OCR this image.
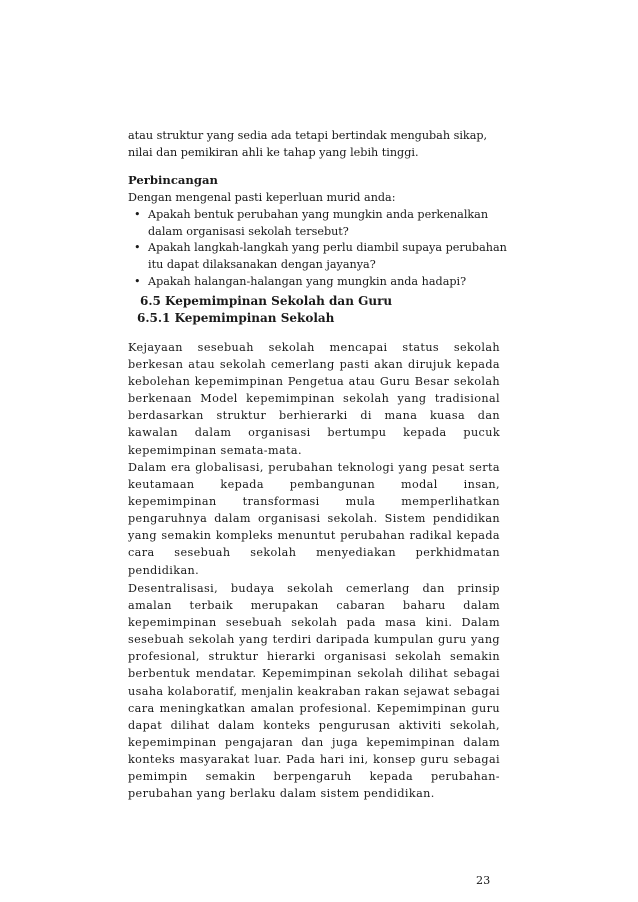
atau struktur yang sedia ada tetapi bertindak mengubah sikap,
nilai dan pemikiran ahli ke tahap yang lebih tinggi.
Perbincangan
Dengan mengenal pasti keperluan murid anda:
• Apakah bentuk perubahan yang mungkin anda perkenalkan
dalam organisasi sekolah tersebut?
• Apakah langkah-langkah yang perlu diambil supaya perubahan
itu dapat dilaksanakan dengan jayanya?
• Apakah halangan-halangan yang mungkin anda hadapi?
6.5 Kepemimpinan Sekolah dan Guru
6.5.1 Kepemimpinan Sekolah
Kejayaan sesebuah sekolah mencapai status sekolah
berkesan atau sekolah cemerlang pasti akan dirujuk kepada
kebolehan kepemimpinan Pengetua atau Guru Besar sekolah
berkenaan Model kepemimpinan sekolah yang tradisional
berdasarkan struktur berhierarki di mana kuasa dan
kawalan dalam organisasi bertumpu kepada pucuk
kepemimpinan semata-mata.
Dalam era globalisasi, perubahan teknologi yang pesat serta
keutamaan kepada pembangunan modal insan,
kepemimpinan transformasi mula memperlihatkan
pengaruhnya dalam organisasi sekolah. Sistem pendidikan
yang semakin kompleks menuntut perubahan radikal kepada
cara sesebuah sekolah menyediakan perkhidmatan
pendidikan.
Desentralisasi, budaya sekolah cemerlang dan prinsip
amalan terbaik merupakan cabaran baharu dalam
kepemimpinan sesebuah sekolah pada masa kini. Dalam
sesebuah sekolah yang terdiri daripada kumpulan guru yang
profesional, struktur hierarki organisasi sekolah semakin
berbentuk mendatar. Kepemimpinan sekolah dilihat sebagai
usaha kolaboratif, menjalin keakraban rakan sejawat sebagai
cara meningkatkan amalan profesional. Kepemimpinan guru
dapat dilihat dalam konteks pengurusan aktiviti sekolah,
kepemimpinan pengajaran dan juga kepemimpinan dalam
konteks masyarakat luar. Pada hari ini, konsep guru sebagai
pemimpin semakin berpengaruh kepada perubahan-
perubahan yang berlaku dalam sistem pendidikan.
23
